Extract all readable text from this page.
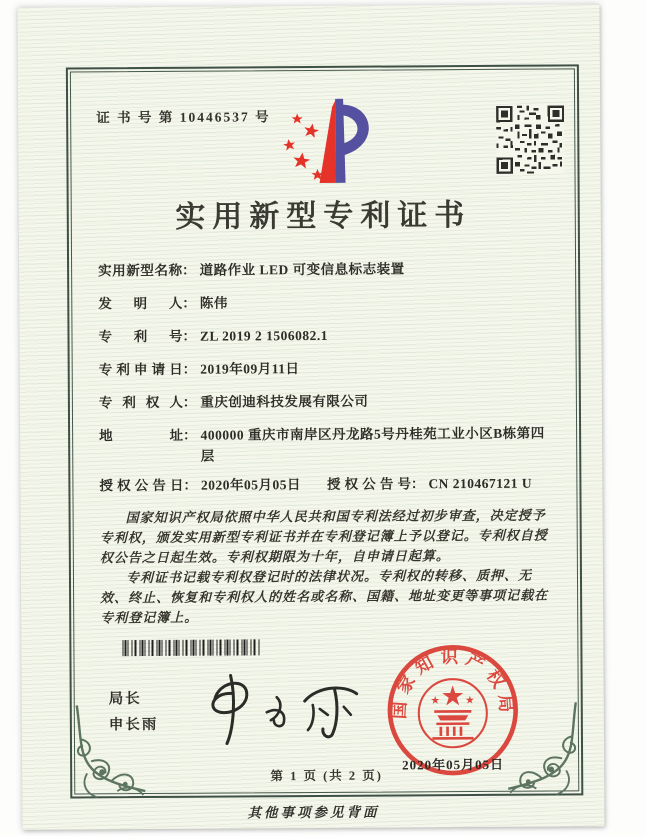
证 书 号 第 10446537 号
实用新型专利证书
实用新型名称 ： 道路作业 LED 可变信息标志装置
发明人 ： 陈伟
专利号 ： ZL 2019 2 1506082.1
专利申请日 ： 2019年09月11日
专利权人 ： 重庆创迪科技发展有限公司
地址 ： 400000 重庆市南岸区丹龙路5号丹桂苑工业小区B栋第四层
授权公告日 ： 2020年05月05日 授权公告号 ： CN 210467121 U

国家知识产权局依照中华人民共和国专利法经过初步审查，决定授予专利权，颁发实用新型专利证书并在专利登记簿上予以登记。专利权自授权公告之日起生效。专利权期限为十年，自申请日起算。

专利证书记载专利权登记时的法律状况。专利权的转移、质押、无效、终止、恢复和专利权人的姓名或名称、国籍、地址变更等事项记载在专利登记簿上。

局长
申长雨
国家知识产权局
2020年05月05日
第 1 页 (共 2 页)
其他事项参见背面
